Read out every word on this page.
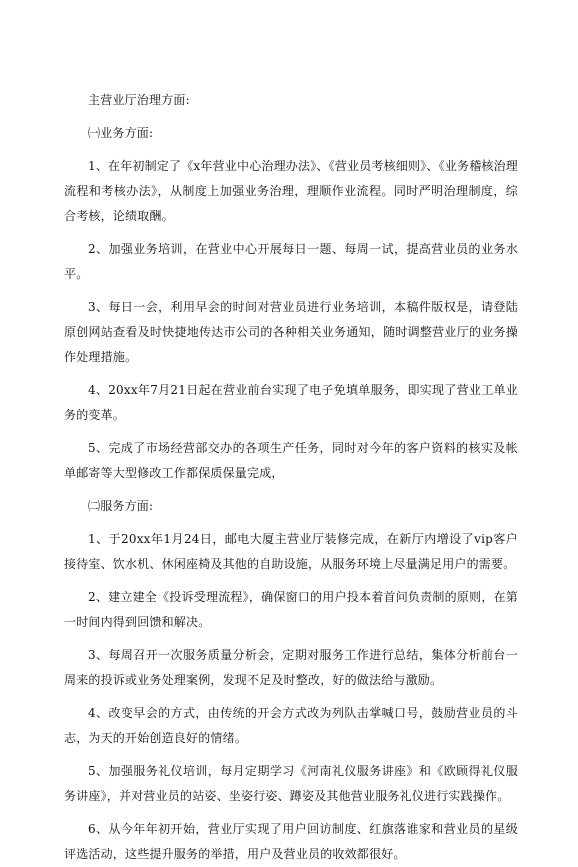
主营业厅治理方面:

㈠业务方面:

1、在年初制定了《x年营业中心治理办法》、《营业员考核细则》、《业务稽核治理流程和考核办法》，从制度上加强业务治理，理顺作业流程。同时严明治理制度，综合考核，论绩取酬。

2、加强业务培训，在营业中心开展每日一题、每周一试，提高营业员的业务水平。

3、每日一会，利用早会的时间对营业员进行业务培训，本稿件版权是，请登陆原创网站查看及时快捷地传达市公司的各种相关业务通知，随时调整营业厅的业务操作处理措施。

4、20xx年7月21日起在营业前台实现了电子免填单服务，即实现了营业工单业务的变革。

5、完成了市场经营部交办的各项生产任务，同时对今年的客户资料的核实及帐单邮寄等大型修改工作都保质保量完成，

㈡服务方面:

1、于20xx年1月24日，邮电大厦主营业厅装修完成，在新厅内增设了vip客户接待室、饮水机、休闲座椅及其他的自助设施，从服务环境上尽量满足用户的需要。

2、建立建全《投诉受理流程》，确保窗口的用户投本着首问负责制的原则，在第一时间内得到回馈和解决。

3、每周召开一次服务质量分析会，定期对服务工作进行总结，集体分析前台一周来的投诉或业务处理案例，发现不足及时整改，好的做法给与激励。

4、改变早会的方式，由传统的开会方式改为列队击掌喊口号，鼓励营业员的斗志，为天的开始创造良好的情绪。

5、加强服务礼仪培训，每月定期学习《河南礼仪服务讲座》和《欧顾得礼仪服务讲座》，并对营业员的站姿、坐姿行姿、蹲姿及其他营业服务礼仪进行实践操作。

6、从今年年初开始，营业厅实现了用户回访制度、红旗落谁家和营业员的星级评选活动，这些提升服务的举措，用户及营业员的收效都很好。
